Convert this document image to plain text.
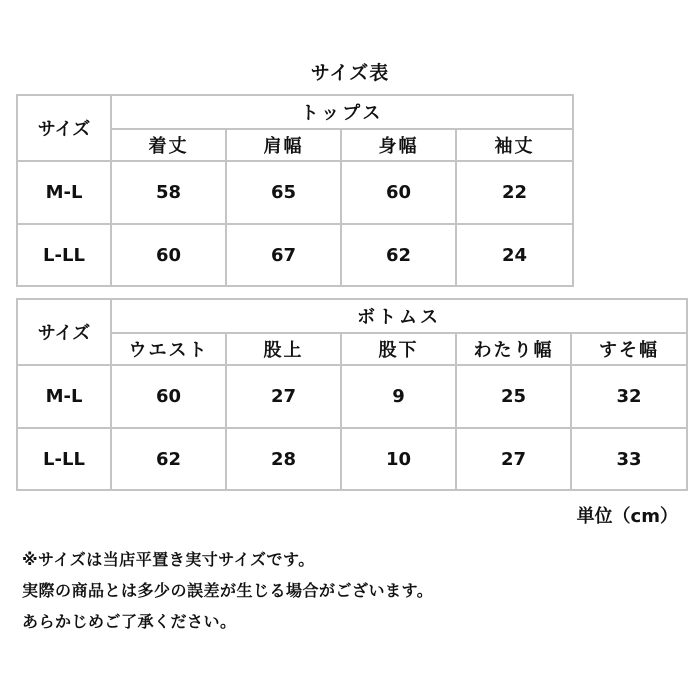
サイズ表
サイズ	トップス			
	着丈	肩幅	身幅	袖丈
M-L	58	65	60	22
L-LL	60	67	62	24
サイズ	ボトムス				
	ウエスト	股上	股下	わたり幅	すそ幅
M-L	60	27	9	25	32
L-LL	62	28	10	27	33
単位（cm）
※サイズは当店平置き実寸サイズです。
実際の商品とは多少の誤差が生じる場合がございます。
あらかじめご了承ください。
